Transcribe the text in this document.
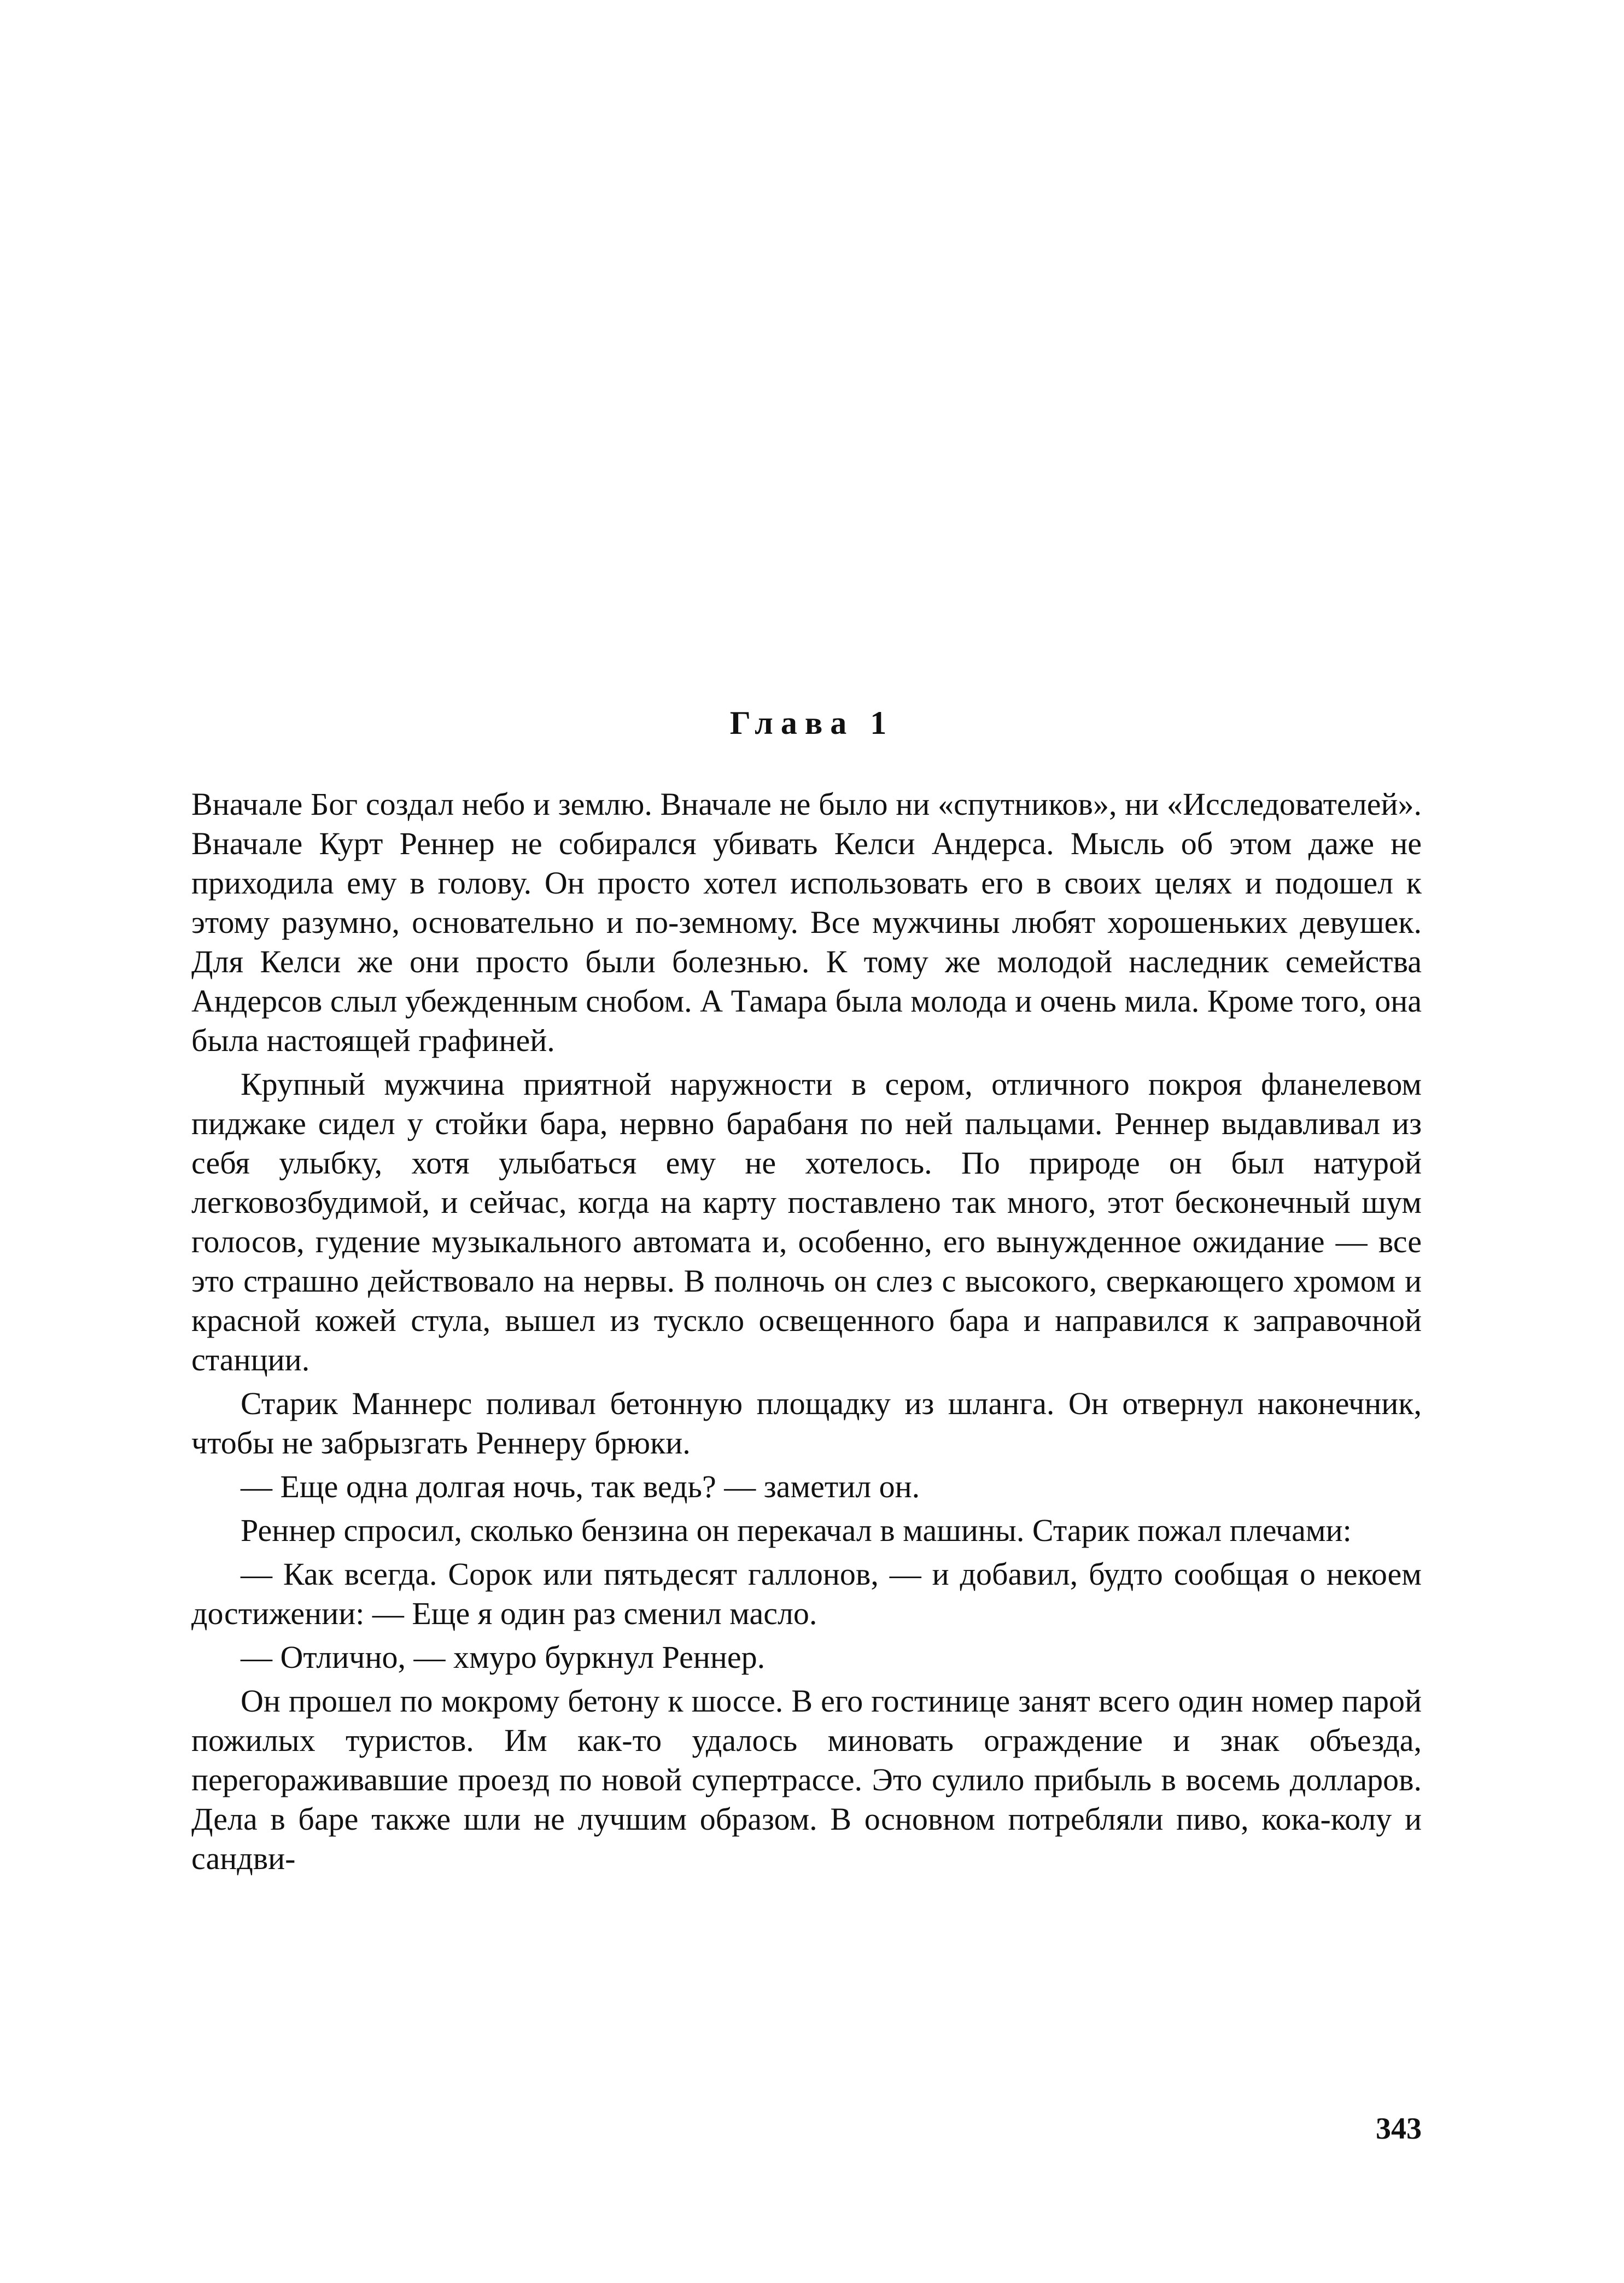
Глава 1

Вначале Бог создал небо и землю. Вначале не было ни «спутников», ни «Исследователей». Вначале Курт Реннер не собирался убивать Келси Андерса. Мысль об этом даже не приходила ему в голову. Он просто хотел использовать его в своих целях и подошел к этому разумно, основательно и по-земному. Все мужчины любят хорошеньких девушек. Для Келси же они просто были болезнью. К тому же молодой наследник семейства Андерсов слыл убежденным снобом. А Тамара была молода и очень мила. Кроме того, она была настоящей графиней.

Крупный мужчина приятной наружности в сером, отличного покроя фланелевом пиджаке сидел у стойки бара, нервно барабаня по ней пальцами. Реннер выдавливал из себя улыбку, хотя улыбаться ему не хотелось. По природе он был натурой легковозбудимой, и сейчас, когда на карту поставлено так много, этот бесконечный шум голосов, гудение музыкального автомата и, особенно, его вынужденное ожидание — все это страшно действовало на нервы. В полночь он слез с высокого, сверкающего хромом и красной кожей стула, вышел из тускло освещенного бара и направился к заправочной станции.

Старик Маннерс поливал бетонную площадку из шланга. Он отвернул наконечник, чтобы не забрызгать Реннеру брюки.

— Еще одна долгая ночь, так ведь? — заметил он.

Реннер спросил, сколько бензина он перекачал в машины. Старик пожал плечами:

— Как всегда. Сорок или пятьдесят галлонов, — и добавил, будто сообщая о некоем достижении: — Еще я один раз сменил масло.

— Отлично, — хмуро буркнул Реннер.

Он прошел по мокрому бетону к шоссе. В его гостинице занят всего один номер парой пожилых туристов. Им как-то удалось миновать ограждение и знак объезда, перегораживавшие проезд по новой супертрассе. Это сулило прибыль в восемь долларов. Дела в баре также шли не лучшим образом. В основном потребляли пиво, кока-колу и сандви-

343
